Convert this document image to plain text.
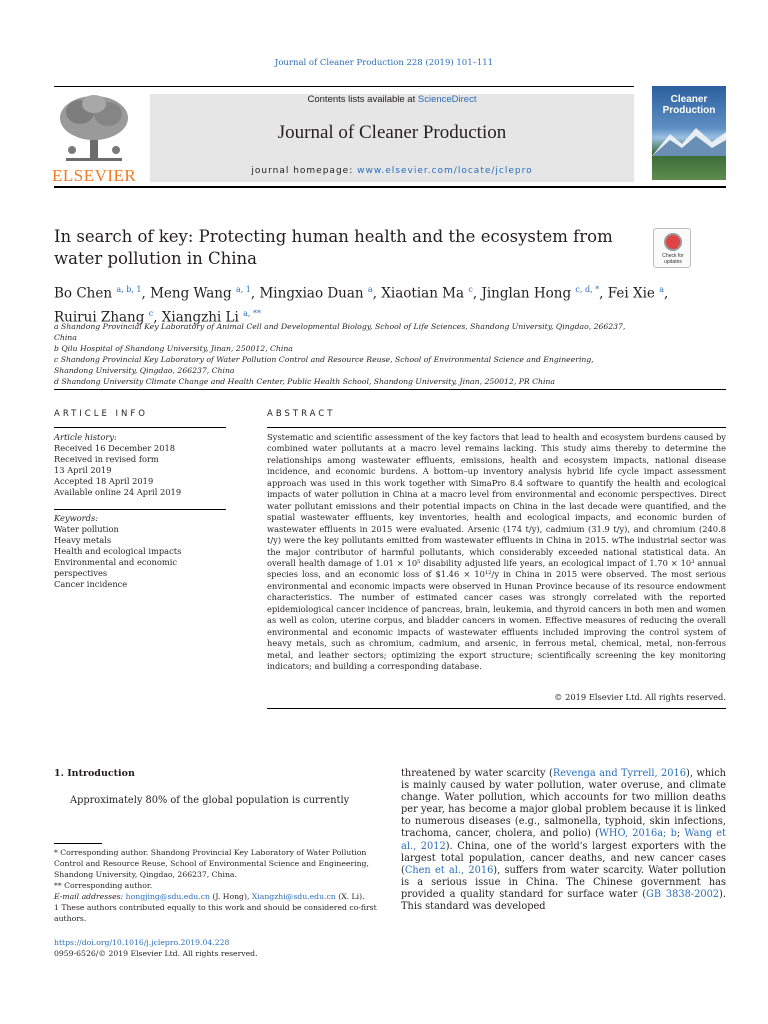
Journal of Cleaner Production 228 (2019) 101–111
ELSEVIER
Contents lists available at ScienceDirect
Journal of Cleaner Production
journal homepage: www.elsevier.com/locate/jclepro
Cleaner
Production
In search of key: Protecting human health and the ecosystem from water pollution in China	Check for updates
Bo Chen $^{a, b, 1}$, Meng Wang $^{a, 1}$, Mingxiao Duan $^a$, Xiaotian Ma $^c$, Jinglan Hong $^{c, d, *}$, Fei Xie $^a$,
Ruirui Zhang $^c$, Xiangzhi Li $^{a, **}$
a Shandong Provincial Key Laboratory of Animal Cell and Developmental Biology, School of Life Sciences, Shandong University, Qingdao, 266237, China
b Qilu Hospital of Shandong University, Jinan, 250012, China
c Shandong Provincial Key Laboratory of Water Pollution Control and Resource Reuse, School of Environmental Science and Engineering, Shandong University, Qingdao, 266237, China
d Shandong University Climate Change and Health Center, Public Health School, Shandong University, Jinan, 250012, PR China
ARTICLE INFO
Article history:
Received 16 December 2018
Received in revised form
13 April 2019
Accepted 18 April 2019
Available online 24 April 2019
Keywords:
Water pollution
Heavy metals
Health and ecological impacts
Environmental and economic perspectives
Cancer incidence
ABSTRACT
Systematic and scientific assessment of the key factors that lead to health and ecosystem burdens caused by combined water pollutants at a macro level remains lacking. This study aims thereby to determine the relationships among wastewater effluents, emissions, health and ecosystem impacts, national disease incidence, and economic burdens. A bottom–up inventory analysis hybrid life cycle impact assessment approach was used in this work together with SimaPro 8.4 software to quantify the health and ecological impacts of water pollution in China at a macro level from environmental and economic perspectives. Direct water pollutant emissions and their potential impacts on China in the last decade were quantified, and the spatial wastewater effluents, key inventories, health and ecological impacts, and economic burden of wastewater effluents in 2015 were evaluated. Arsenic (174 t/y), cadmium (31.9 t/y), and chromium (240.8 t/y) were the key pollutants emitted from wastewater effluents in China in 2015. wThe industrial sector was the major contributor of harmful pollutants, which considerably exceeded national statistical data. An overall health damage of 1.01 × 10⁵ disability adjusted life years, an ecological impact of 1.70 × 10³ annual species loss, and an economic loss of $1.46 × 10¹²/y in China in 2015 were observed. The most serious environmental and economic impacts were observed in Hunan Province because of its resource endowment characteristics. The number of estimated cancer cases was strongly correlated with the reported epidemiological cancer incidence of pancreas, brain, leukemia, and thyroid cancers in both men and women as well as colon, uterine corpus, and bladder cancers in women. Effective measures of reducing the overall environmental and economic impacts of wastewater effluents included improving the control system of heavy metals, such as chromium, cadmium, and arsenic, in ferrous metal, chemical, metal, non-ferrous metal, and leather sectors; optimizing the export structure; scientifically screening the key monitoring indicators; and building a corresponding database.
© 2019 Elsevier Ltd. All rights reserved.
1. Introduction
Approximately 80% of the global population is currently
* Corresponding author. Shandong Provincial Key Laboratory of Water Pollution Control and Resource Reuse, School of Environmental Science and Engineering, Shandong University, Qingdao, 266237, China.
** Corresponding author.
E-mail addresses: hongjing@sdu.edu.cn (J. Hong), Xiangzhi@sdu.edu.cn (X. Li).
1 These authors contributed equally to this work and should be considered co-first authors.
https://doi.org/10.1016/j.jclepro.2019.04.228
0959-6526/© 2019 Elsevier Ltd. All rights reserved.
threatened by water scarcity (Revenga and Tyrrell, 2016), which is mainly caused by water pollution, water overuse, and climate change. Water pollution, which accounts for two million deaths per year, has become a major global problem because it is linked to numerous diseases (e.g., salmonella, typhoid, skin infections, trachoma, cancer, cholera, and polio) (WHO, 2016a; b; Wang et al., 2012). China, one of the world's largest exporters with the largest total population, cancer deaths, and new cancer cases (Chen et al., 2016), suffers from water scarcity. Water pollution is a serious issue in China. The Chinese government has provided a quality standard for surface water (GB 3838-2002). This standard was developed
